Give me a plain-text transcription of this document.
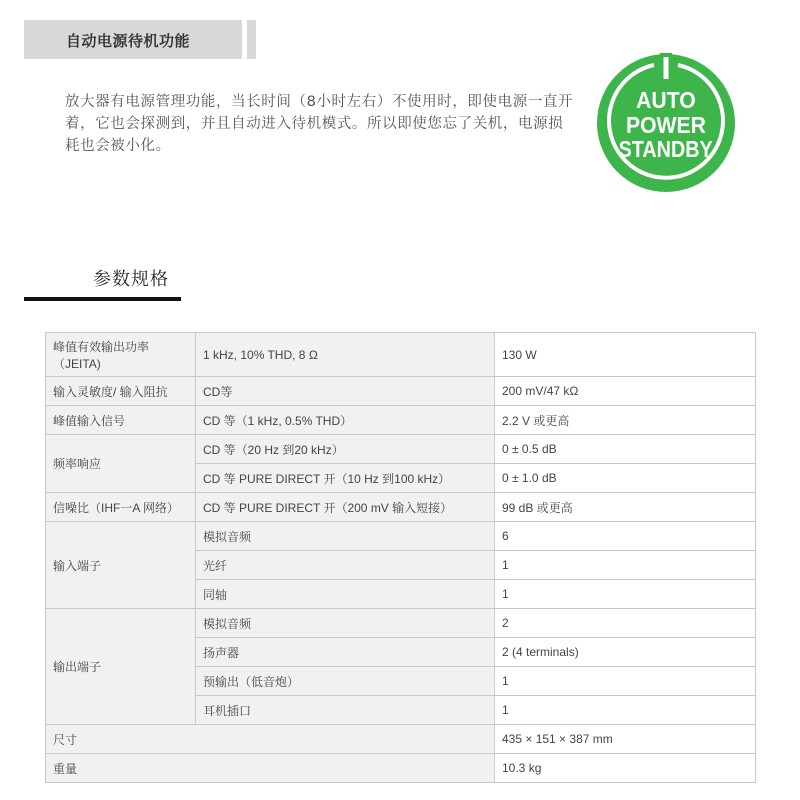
自动电源待机功能
放大器有电源管理功能，当长时间（8小时左右）不使用时，即使电源一直开着，它也会探测到，并且自动进入待机模式。所以即使您忘了关机，电源损耗也会被小化。
AUTO
POWER
STANDBY
参数规格
峰值有效输出功率（JEITA)	1 kHz, 10% THD, 8 Ω	130 W
输入灵敏度/ 输入阻抗	CD等	200 mV/47 kΩ
峰值输入信号	CD 等（1 kHz, 0.5% THD）	2.2 V 或更高
频率响应	CD 等（20 Hz 到20 kHz）	0 ± 0.5 dB
	CD 等 PURE DIRECT 开（10 Hz 到100 kHz）	0 ± 1.0 dB
信噪比（IHF一A 网络）	CD 等 PURE DIRECT 开（200 mV 输入短接）	99 dB 或更高
输入端子	模拟音频	6
	光纤	1
	同轴	1
输出端子	模拟音频	2
	扬声器	2 (4 terminals)
	预输出（低音炮）	1
	耳机插口	1
尺寸		435 × 151 × 387 mm
重量		10.3 kg
